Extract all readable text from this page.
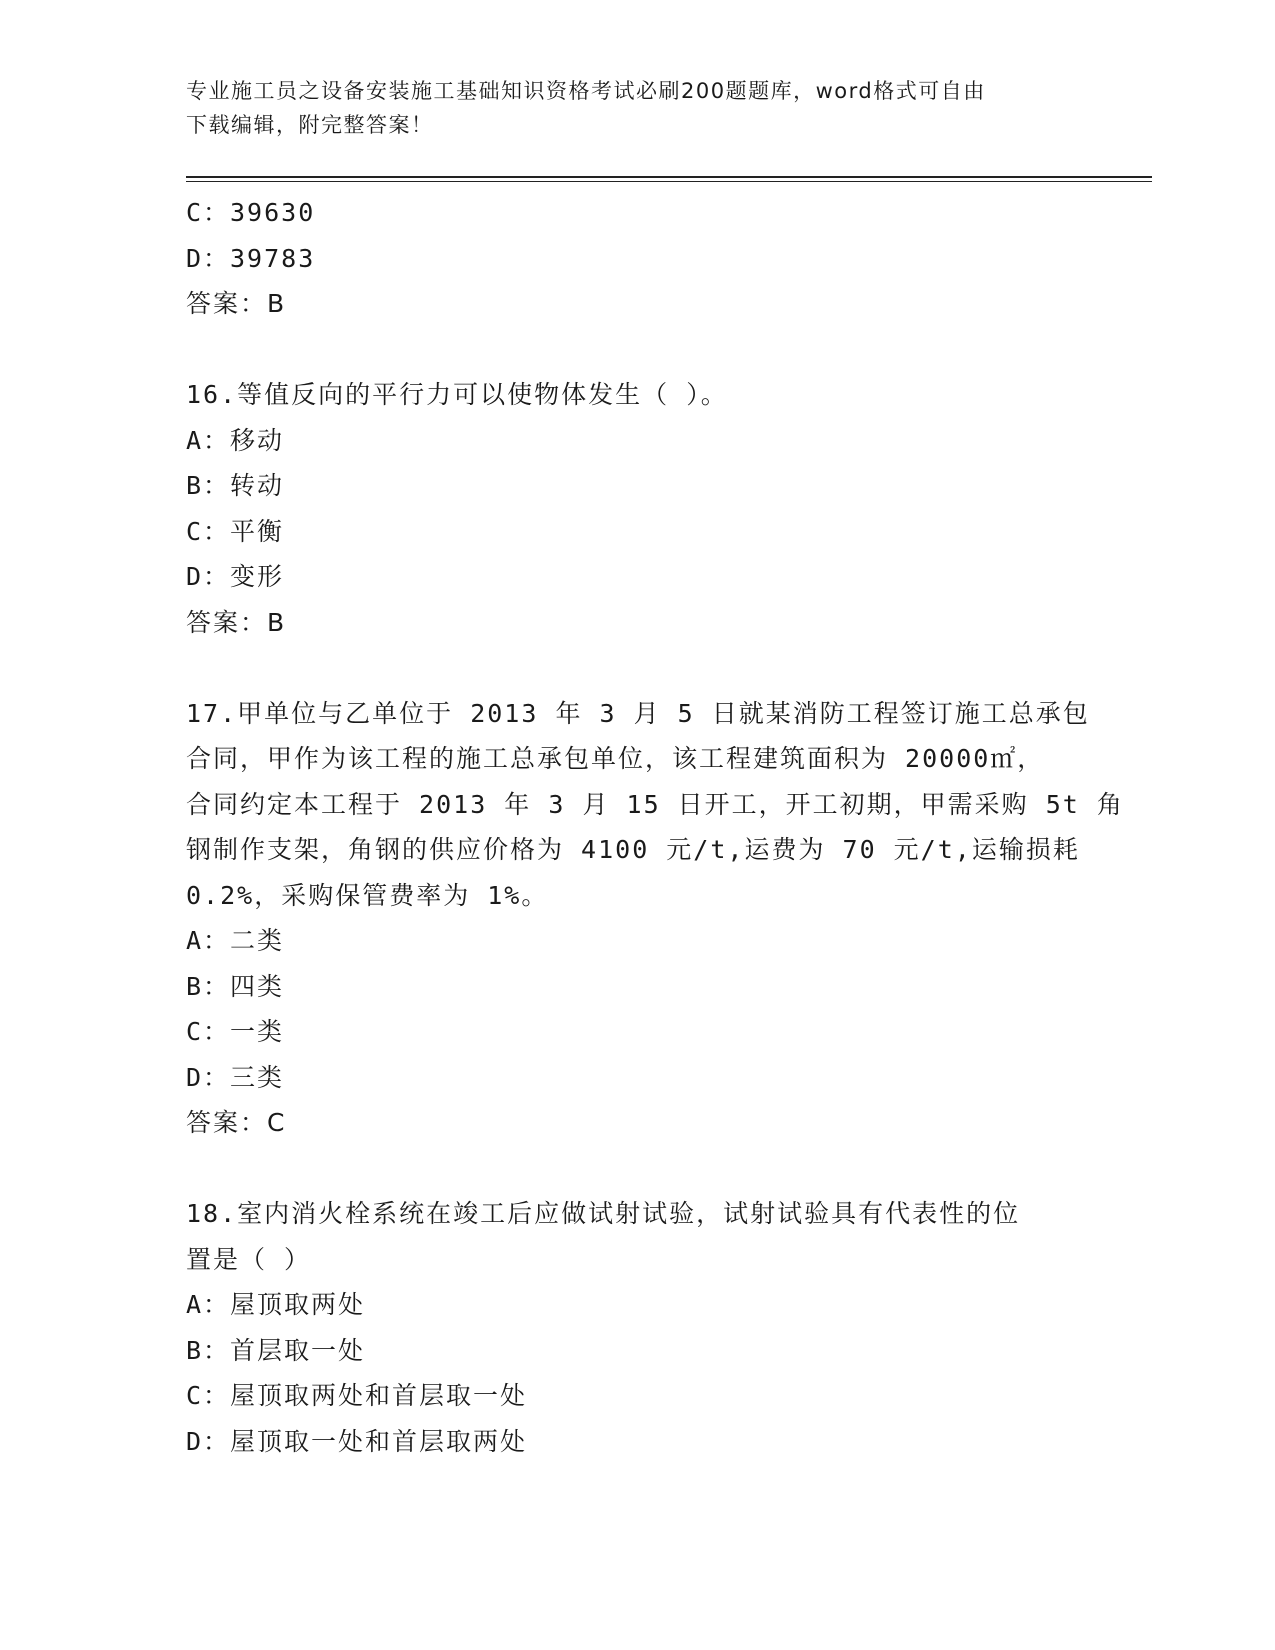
专业施工员之设备安装施工基础知识资格考试必刷200题题库，word格式可自由
下载编辑，附完整答案！
C：39630
D：39783
答案：B
16.等值反向的平行力可以使物体发生（ ）。
A：移动
B：转动
C：平衡
D：变形
答案：B
17.甲单位与乙单位于 2013 年 3 月 5 日就某消防工程签订施工总承包
合同，甲作为该工程的施工总承包单位，该工程建筑面积为 20000㎡，
合同约定本工程于 2013 年 3 月 15 日开工，开工初期，甲需采购 5t 角
钢制作支架，角钢的供应价格为 4100 元/t,运费为 70 元/t,运输损耗
0.2%，采购保管费率为 1%。
A：二类
B：四类
C：一类
D：三类
答案：C
18.室内消火栓系统在竣工后应做试射试验，试射试验具有代表性的位
置是（ ）
A：屋顶取两处
B：首层取一处
C：屋顶取两处和首层取一处
D：屋顶取一处和首层取两处
